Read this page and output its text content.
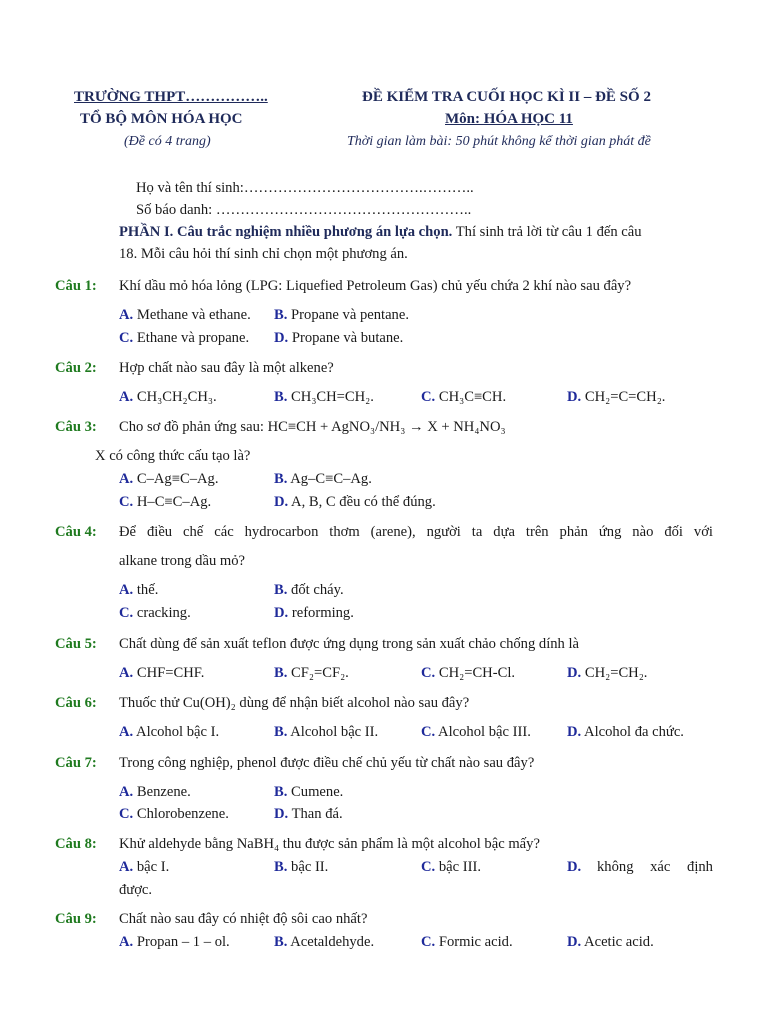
TRƯỜNG THPT……………..
TỔ BỘ MÔN HÓA HỌC
(Đề có 4 trang)
ĐỀ KIỂM TRA CUỐI HỌC KÌ II – ĐỀ SỐ 2
Môn: HÓA HỌC 11
Thời gian làm bài: 50 phút không kể thời gian phát đề
Họ và tên thí sinh:……………………………….………..
Số báo danh: ……………………………………………..
PHẦN I. Câu trắc nghiệm nhiều phương án lựa chọn. Thí sinh trả lời từ câu 1 đến câu
18. Mỗi câu hỏi thí sinh chỉ chọn một phương án.
Câu 1: Khí dầu mỏ hóa lỏng (LPG: Liquefied Petroleum Gas) chủ yếu chứa 2 khí nào sau đây?
A. Methane và ethane. B. Propane và pentane.
C. Ethane và propane. D. Propane và butane.
Câu 2: Hợp chất nào sau đây là một alkene?
A. CH₃CH₂CH₃.	B. CH₃CH=CH₂.	C. CH₃C≡CH.	D. CH₂=C=CH₂.
Câu 3: Cho sơ đồ phản ứng sau: HC≡CH + AgNO₃/NH₃ → X + NH₄NO₃
X có công thức cấu tạo là?
A. C–Ag≡C–Ag.	B. Ag–C≡C–Ag.
C. H–C≡C–Ag.	D. A, B, C đều có thể đúng.
Câu 4: Để điều chế các hydrocarbon thơm (arene), người ta dựa trên phản ứng nào đối với
alkane trong dầu mỏ?
A. thế.	B. đốt cháy.
C. cracking.	D. reforming.
Câu 5: Chất dùng để sản xuất teflon được ứng dụng trong sản xuất chảo chống dính là
A. CHF=CHF.	B. CF₂=CF₂.	C. CH₂=CH-Cl.	D. CH₂=CH₂.
Câu 6: Thuốc thử Cu(OH)₂ dùng để nhận biết alcohol nào sau đây?
A. Alcohol bậc I.	B. Alcohol bậc II.	C. Alcohol bậc III. D. Alcohol đa chức.
Câu 7: Trong công nghiệp, phenol được điều chế chủ yếu từ chất nào sau đây?
A. Benzene.	B. Cumene.
C. Chlorobenzene.	D. Than đá.
Câu 8: Khử aldehyde bằng NaBH₄ thu được sản phẩm là một alcohol bậc mấy?
A. bậc I.	B. bậc II.	C. bậc III.	D. không xác định
được.
Câu 9: Chất nào sau đây có nhiệt độ sôi cao nhất?
A. Propan – 1 – ol.	B. Acetaldehyde.	C. Formic acid.	D. Acetic acid.
